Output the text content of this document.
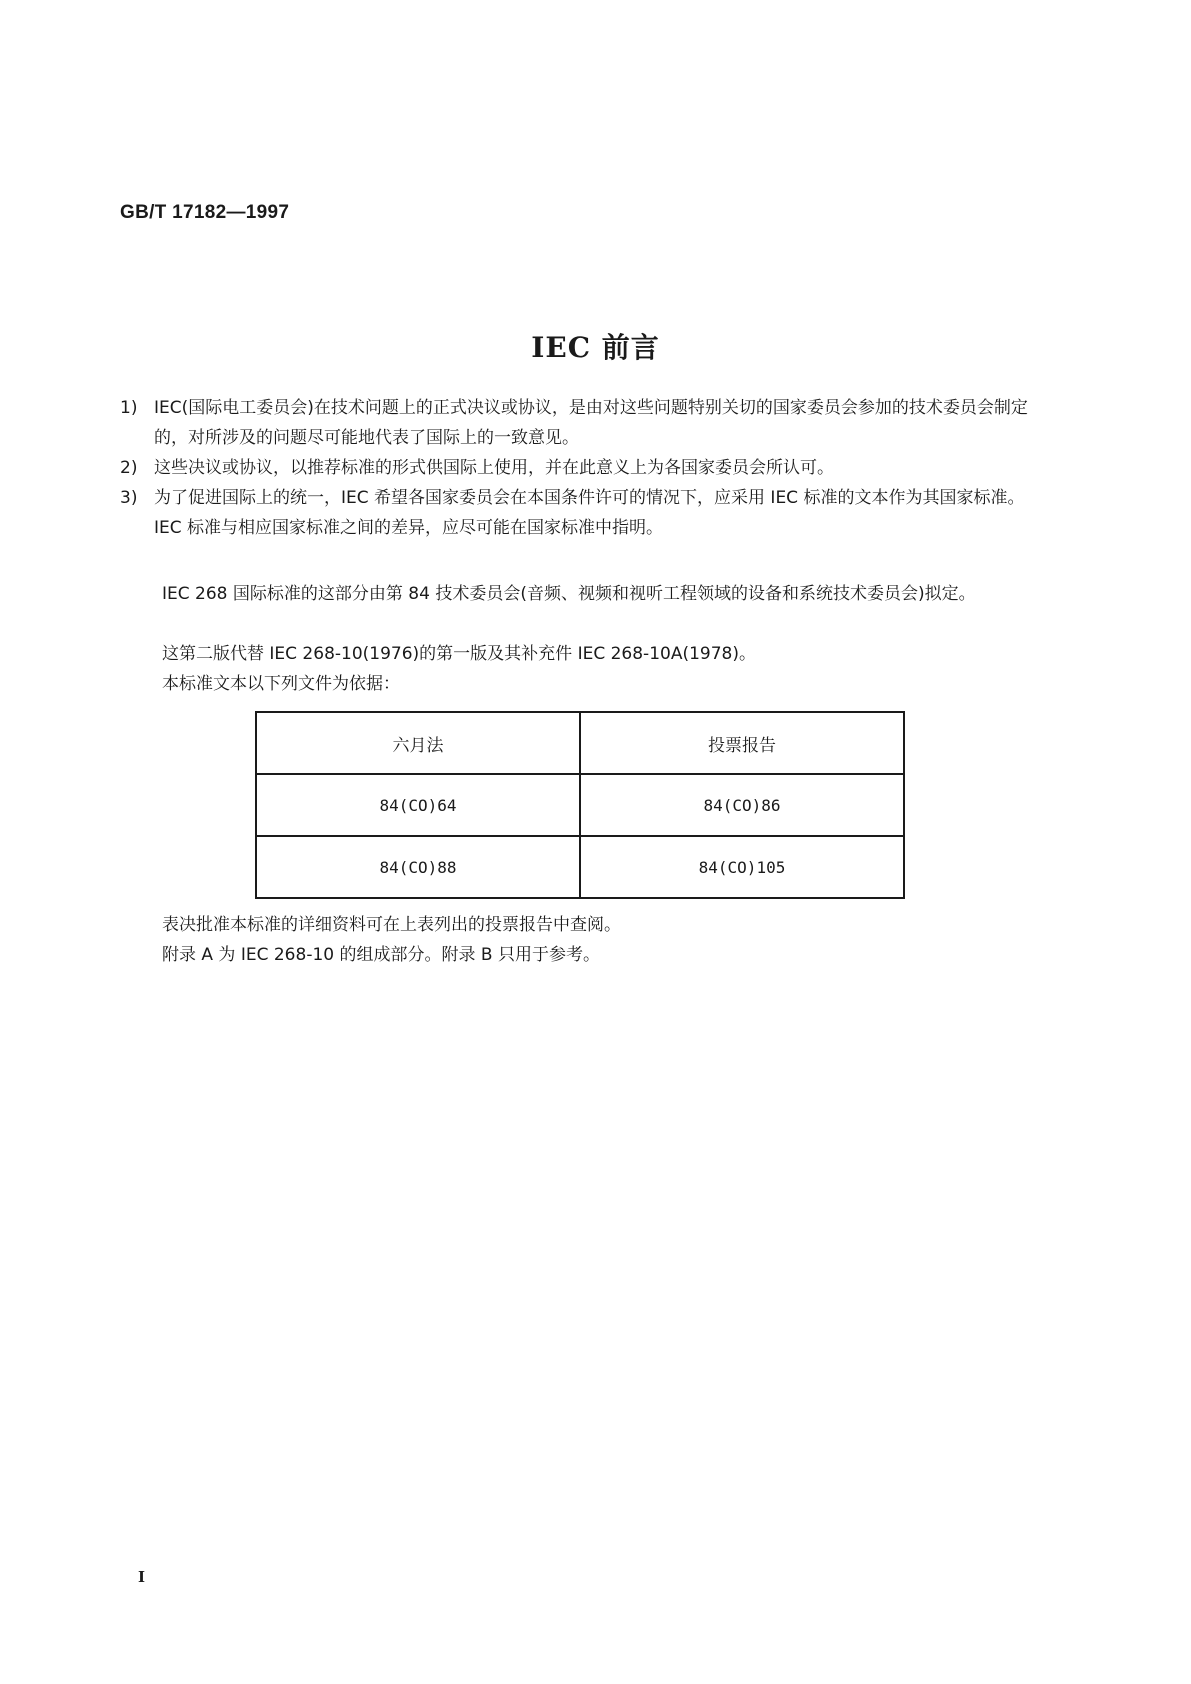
GB/T 17182—1997
IEC 前言
1) IEC(国际电工委员会)在技术问题上的正式决议或协议，是由对这些问题特别关切的国家委员会参加的技术委员会制定的，对所涉及的问题尽可能地代表了国际上的一致意见。
2) 这些决议或协议，以推荐标准的形式供国际上使用，并在此意义上为各国家委员会所认可。
3) 为了促进国际上的统一，IEC 希望各国家委员会在本国条件许可的情况下，应采用 IEC 标准的文本作为其国家标准。IEC 标准与相应国家标准之间的差异，应尽可能在国家标准中指明。
IEC 268 国际标准的这部分由第 84 技术委员会(音频、视频和视听工程领域的设备和系统技术委员会)拟定。
这第二版代替 IEC 268-10(1976)的第一版及其补充件 IEC 268-10A(1978)。
本标准文本以下列文件为依据：
六月法	投票报告
84(CO)64	84(CO)86
84(CO)88	84(CO)105
表决批准本标准的详细资料可在上表列出的投票报告中查阅。
附录 A 为 IEC 268-10 的组成部分。附录 B 只用于参考。
I
